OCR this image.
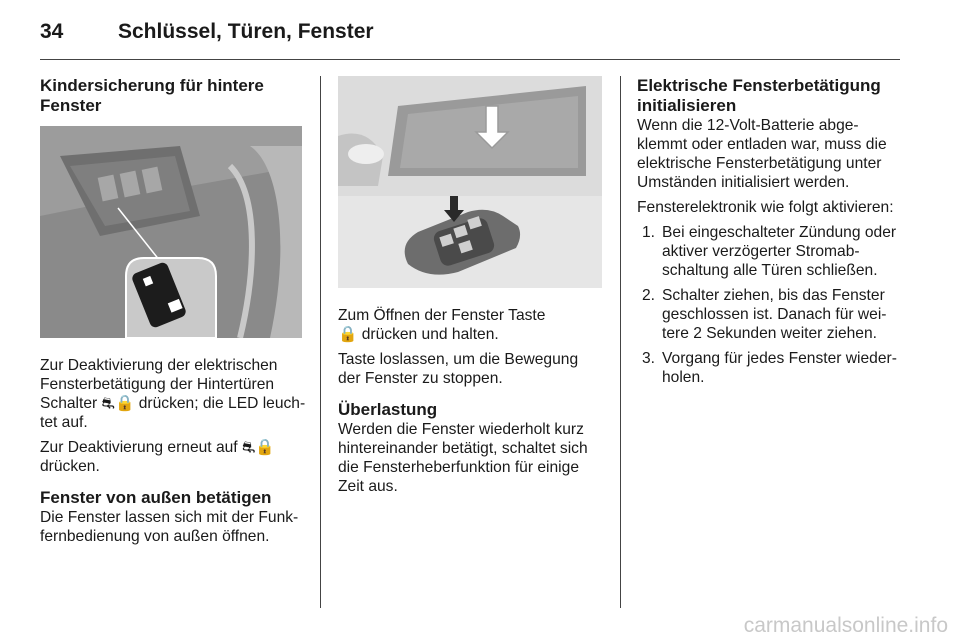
34	Schlüssel, Türen, Fenster
Kindersicherung für hintere Fenster

Zur Deaktivierung der elektrischen
Fensterbetätigung der Hintertüren
Schalter ⛐🔒 drücken; die LED leuch-
tet auf.

Zur Deaktivierung erneut auf ⛐🔒
drücken.

Fenster von außen betätigen

Die Fenster lassen sich mit der Funk-
fernbedienung von außen öffnen.

Zum Öffnen der Fenster Taste
🔒 drücken und halten.

Taste loslassen, um die Bewegung
der Fenster zu stoppen.

Überlastung

Werden die Fenster wiederholt kurz
hintereinander betätigt, schaltet sich
die Fensterheberfunktion für einige
Zeit aus.

Elektrische Fensterbetätigung
initialisieren

Wenn die 12-Volt-Batterie abge-
klemmt oder entladen war, muss die
elektrische Fensterbetätigung unter
Umständen initialisiert werden.

Fensterelektronik wie folgt aktivieren:

1. Bei eingeschalteter Zündung oder
aktiver verzögerter Stromab-
schaltung alle Türen schließen.
2. Schalter ziehen, bis das Fenster
geschlossen ist. Danach für wei-
tere 2 Sekunden weiter ziehen.
3. Vorgang für jedes Fenster wieder-
holen.
carmanualsonline.info
